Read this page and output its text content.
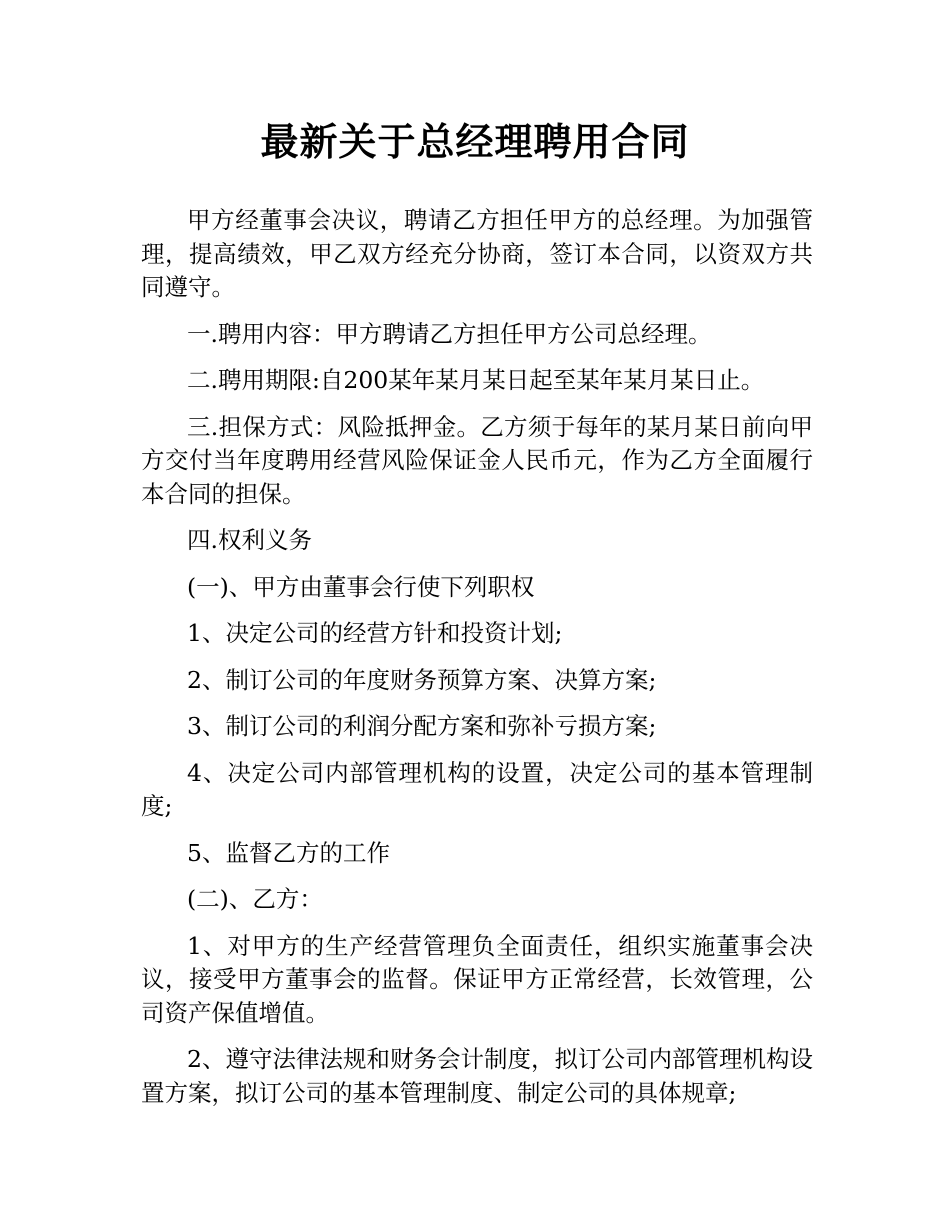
最新关于总经理聘用合同

甲方经董事会决议，聘请乙方担任甲方的总经理。为加强管理，提高绩效，甲乙双方经充分协商，签订本合同，以资双方共同遵守。

一.聘用内容：甲方聘请乙方担任甲方公司总经理。

二.聘用期限:自200某年某月某日起至某年某月某日止。

三.担保方式：风险抵押金。乙方须于每年的某月某日前向甲方交付当年度聘用经营风险保证金人民币元，作为乙方全面履行本合同的担保。

四.权利义务

(一)、甲方由董事会行使下列职权

1、决定公司的经营方针和投资计划;

2、制订公司的年度财务预算方案、决算方案;

3、制订公司的利润分配方案和弥补亏损方案;

4、决定公司内部管理机构的设置，决定公司的基本管理制度;

5、监督乙方的工作

(二)、乙方：

1、对甲方的生产经营管理负全面责任，组织实施董事会决议，接受甲方董事会的监督。保证甲方正常经营，长效管理，公司资产保值增值。

2、遵守法律法规和财务会计制度，拟订公司内部管理机构设置方案，拟订公司的基本管理制度、制定公司的具体规章;
